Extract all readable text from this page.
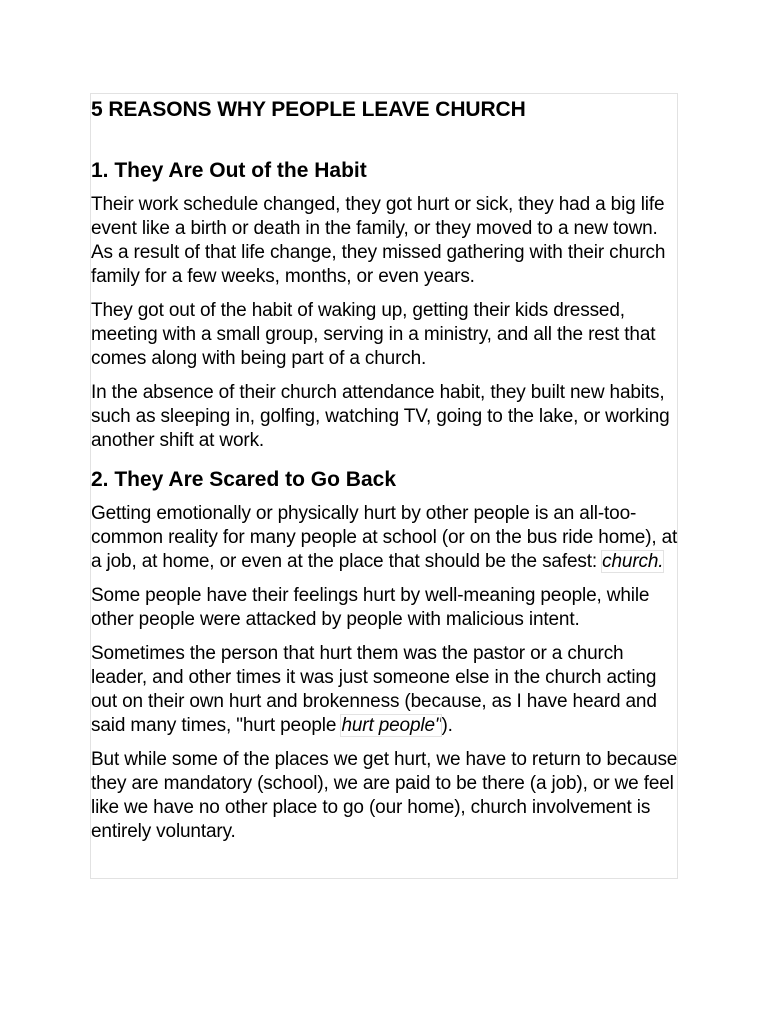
5 REASONS WHY PEOPLE LEAVE CHURCH
1. They Are Out of the Habit

Their work schedule changed, they got hurt or sick, they had a big life event like a birth or death in the family, or they moved to a new town. As a result of that life change, they missed gathering with their church family for a few weeks, months, or even years.

They got out of the habit of waking up, getting their kids dressed, meeting with a small group, serving in a ministry, and all the rest that comes along with being part of a church.

In the absence of their church attendance habit, they built new habits, such as sleeping in, golfing, watching TV, going to the lake, or working another shift at work.

2. They Are Scared to Go Back

Getting emotionally or physically hurt by other people is an all-too-common reality for many people at school (or on the bus ride home), at a job, at home, or even at the place that should be the safest: church.

Some people have their feelings hurt by well-meaning people, while other people were attacked by people with malicious intent.

Sometimes the person that hurt them was the pastor or a church leader, and other times it was just someone else in the church acting out on their own hurt and brokenness (because, as I have heard and said many times, "hurt people hurt people").

But while some of the places we get hurt, we have to return to because they are mandatory (school), we are paid to be there (a job), or we feel like we have no other place to go (our home), church involvement is entirely voluntary.
